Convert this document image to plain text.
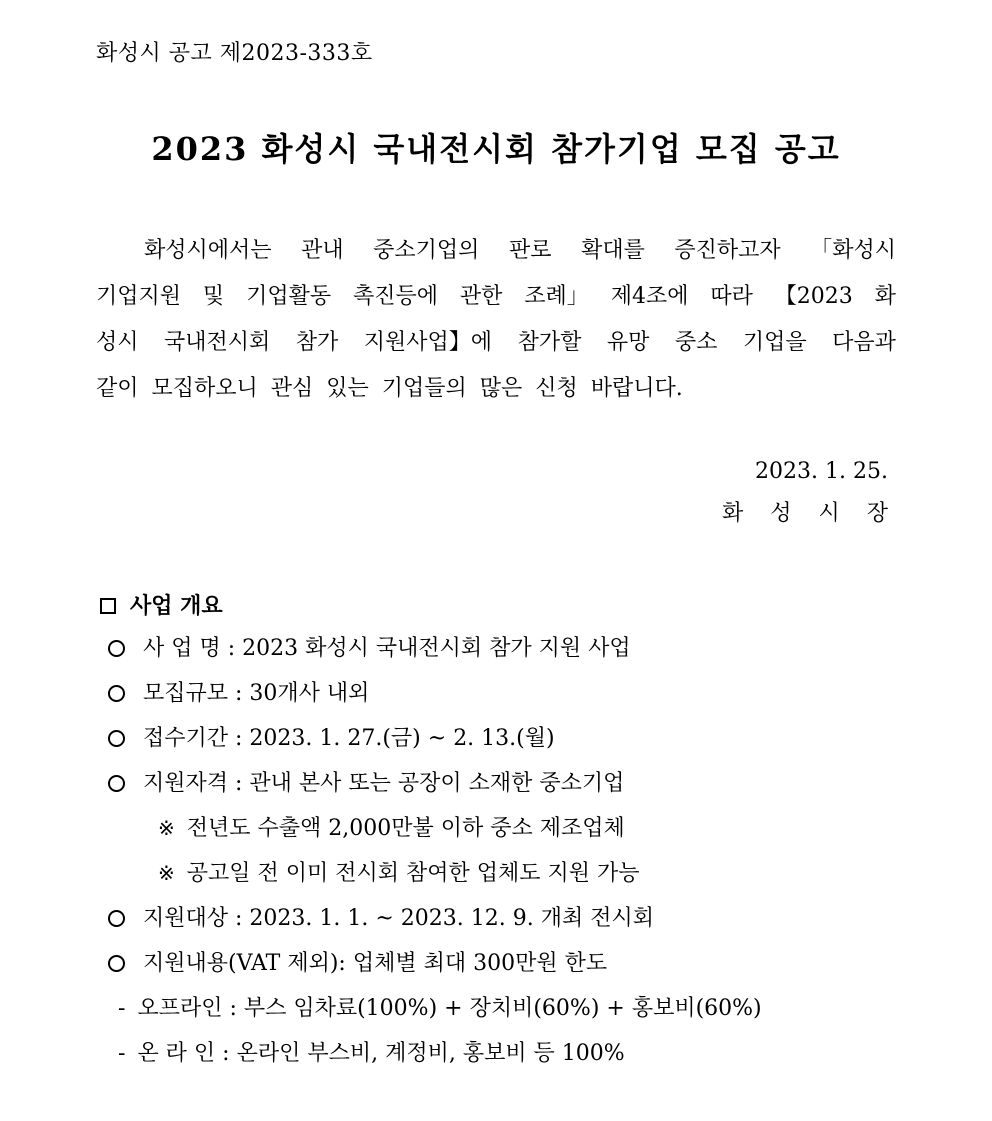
화성시 공고 제2023-333호
2023 화성시 국내전시회 참가기업 모집 공고
화성시에서는 관내 중소기업의 판로 확대를 증진하고자 「화성시
기업지원 및 기업활동 촉진등에 관한 조례」 제4조에 따라 【2023 화
성시 국내전시회 참가 지원사업】에 참가할 유망 중소 기업을 다음과
같이 모집하오니 관심 있는 기업들의 많은 신청 바랍니다.
2023. 1. 25.
화 성 시 장
사업 개요
사 업 명 : 2023 화성시 국내전시회 참가 지원 사업
모집규모 : 30개사 내외
접수기간 : 2023. 1. 27.(금) ~ 2. 13.(월)
지원자격 : 관내 본사 또는 공장이 소재한 중소기업
※ 전년도 수출액 2,000만불 이하 중소 제조업체
※ 공고일 전 이미 전시회 참여한 업체도 지원 가능
지원대상 : 2023. 1. 1. ~ 2023. 12. 9. 개최 전시회
지원내용(VAT 제외): 업체별 최대 300만원 한도
- 오프라인 : 부스 임차료(100%) + 장치비(60%) + 홍보비(60%)
- 온 라 인 : 온라인 부스비, 계정비, 홍보비 등 100%
